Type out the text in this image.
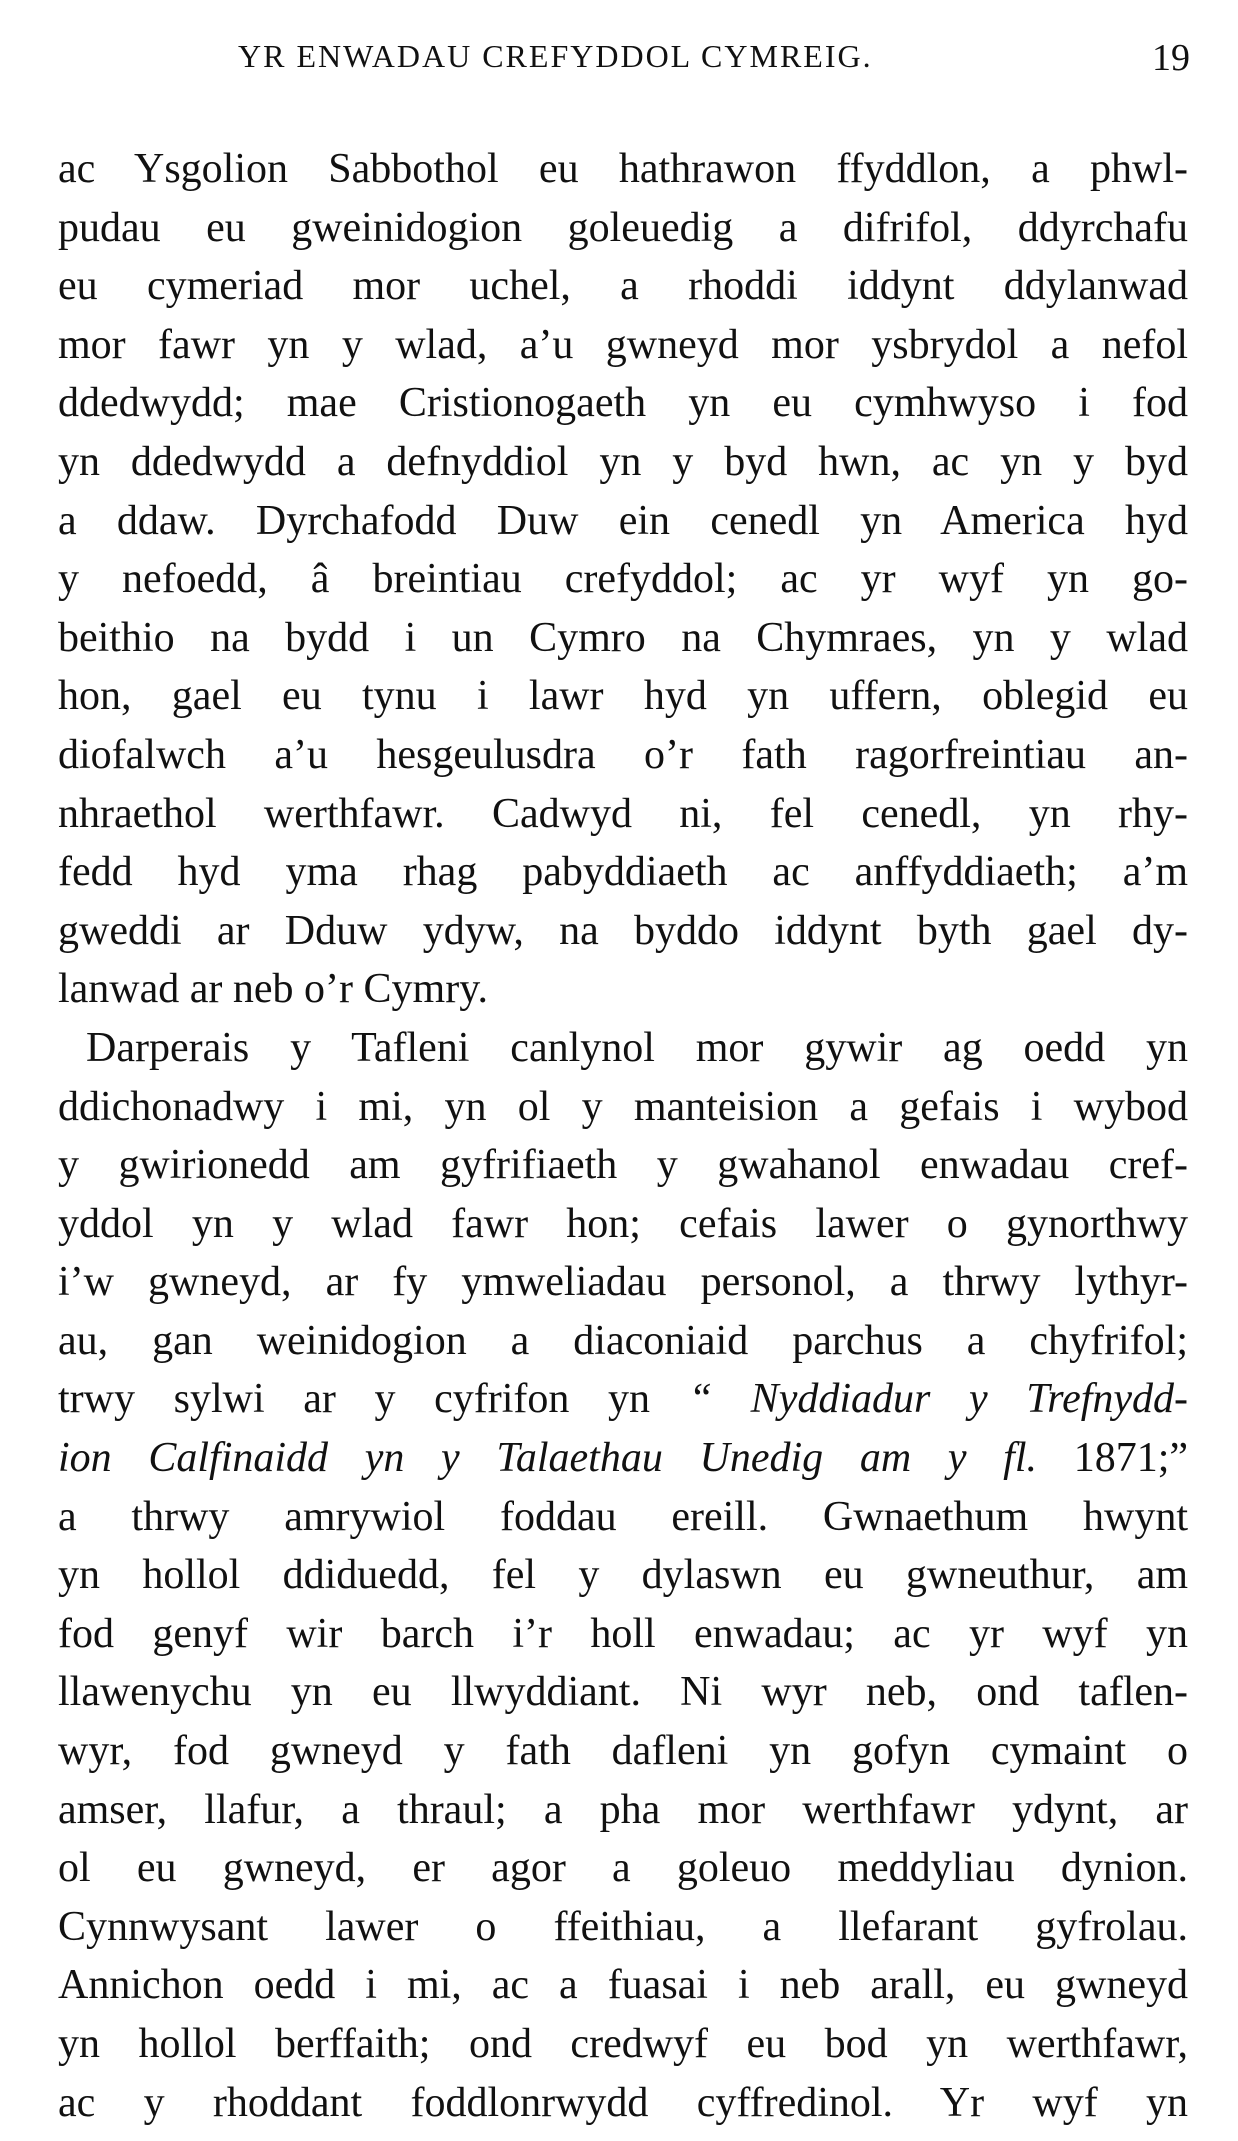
YR ENWADAU CREFYDDOL CYMREIG.	19
ac Ysgolion Sabbothol eu hathrawon ffyddlon, a phwl-
pudau eu gweinidogion goleuedig a difrifol, ddyrchafu
eu cymeriad mor uchel, a rhoddi iddynt ddylanwad
mor fawr yn y wlad, a’u gwneyd mor ysbrydol a nefol
ddedwydd; mae Cristionogaeth yn eu cymhwyso i fod
yn ddedwydd a defnyddiol yn y byd hwn, ac yn y byd
a ddaw. Dyrchafodd Duw ein cenedl yn America hyd
y nefoedd, â breintiau crefyddol; ac yr wyf yn go-
beithio na bydd i un Cymro na Chymraes, yn y wlad
hon, gael eu tynu i lawr hyd yn uffern, oblegid eu
diofalwch a’u hesgeulusdra o’r fath ragorfreintiau an-
nhraethol werthfawr. Cadwyd ni, fel cenedl, yn rhy-
fedd hyd yma rhag pabyddiaeth ac anffyddiaeth; a’m
gweddi ar Dduw ydyw, na byddo iddynt byth gael dy-
lanwad ar neb o’r Cymry.
Darperais y Tafleni canlynol mor gywir ag oedd yn
ddichonadwy i mi, yn ol y manteision a gefais i wybod
y gwirionedd am gyfrifiaeth y gwahanol enwadau cref-
yddol yn y wlad fawr hon; cefais lawer o gynorthwy
i’w gwneyd, ar fy ymweliadau personol, a thrwy lythyr-
au, gan weinidogion a diaconiaid parchus a chyfrifol;
trwy sylwi ar y cyfrifon yn “ Nyddiadur y Trefnydd-
ion Calfinaidd yn y Talaethau Unedig am y fl. 1871;”
a thrwy amrywiol foddau ereill. Gwnaethum hwynt
yn hollol ddiduedd, fel y dylaswn eu gwneuthur, am
fod genyf wir barch i’r holl enwadau; ac yr wyf yn
llawenychu yn eu llwyddiant. Ni wyr neb, ond taflen-
wyr, fod gwneyd y fath dafleni yn gofyn cymaint o
amser, llafur, a thraul; a pha mor werthfawr ydynt, ar
ol eu gwneyd, er agor a goleuo meddyliau dynion.
Cynnwysant lawer o ffeithiau, a llefarant gyfrolau.
Annichon oedd i mi, ac a fuasai i neb arall, eu gwneyd
yn hollol berffaith; ond credwyf eu bod yn werthfawr,
ac y rhoddant foddlonrwydd cyffredinol. Yr wyf yn
